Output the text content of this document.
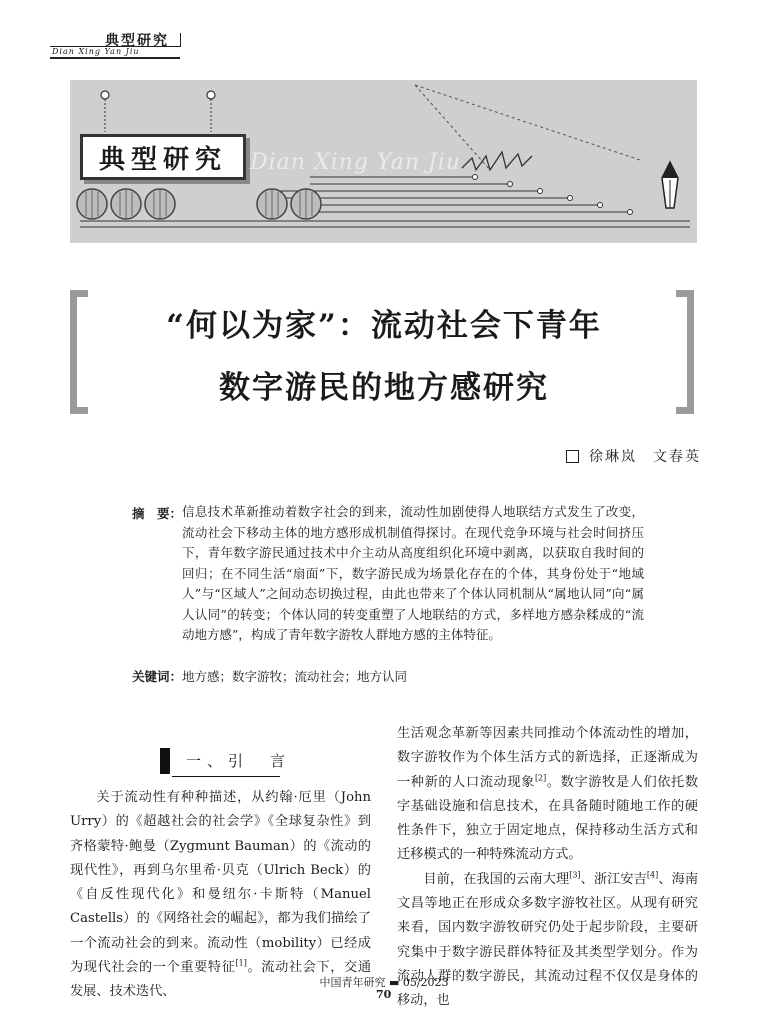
典型研究
Dian Xing Yan Jiu
典型研究	Dian Xing Yan Jiu
“何以为家”：流动社会下青年
数字游民的地方感研究
徐琳岚　文春英
摘　要： 信息技术革新推动着数字社会的到来，流动性加剧使得人地联结方式发生了改变，流动社会下移动主体的地方感形成机制值得探讨。在现代竞争环境与社会时间挤压下，青年数字游民通过技术中介主动从高度组织化环境中剥离，以获取自我时间的回归；在不同生活“扇面”下，数字游民成为场景化存在的个体，其身份处于“地域人”与“区域人”之间动态切换过程，由此也带来了个体认同机制从“属地认同”向“属人认同”的转变；个体认同的转变重塑了人地联结的方式，多样地方感杂糅成的“流动地方感”，构成了青年数字游牧人群地方感的主体特征。
关键词： 地方感；数字游牧；流动社会；地方认同
一、引　言

关于流动性有种种描述，从约翰·厄里（John Urry）的《超越社会的社会学》《全球复杂性》到齐格蒙特·鲍曼（Zygmunt Bauman）的《流动的现代性》，再到乌尔里希·贝克（Ulrich Beck）的《自反性现代化》和曼纽尔·卡斯特（Manuel Castells）的《网络社会的崛起》，都为我们描绘了一个流动社会的到来。流动性（mobility）已经成为现代社会的一个重要特征[1]。流动社会下，交通发展、技术迭代、

生活观念革新等因素共同推动个体流动性的增加，数字游牧作为个体生活方式的新选择，正逐渐成为一种新的人口流动现象[2]。数字游牧是人们依托数字基础设施和信息技术，在具备随时随地工作的硬性条件下，独立于固定地点，保持移动生活方式和迁移模式的一种特殊流动方式。

目前，在我国的云南大理[3]、浙江安吉[4]、海南文昌等地正在形成众多数字游牧社区。从现有研究来看，国内数字游牧研究仍处于起步阶段，主要研究集中于数字游民群体特征及其类型学划分。作为流动人群的数字游民，其流动过程不仅仅是身体的移动，也

中国青年研究 ▬ 05/2023
70
